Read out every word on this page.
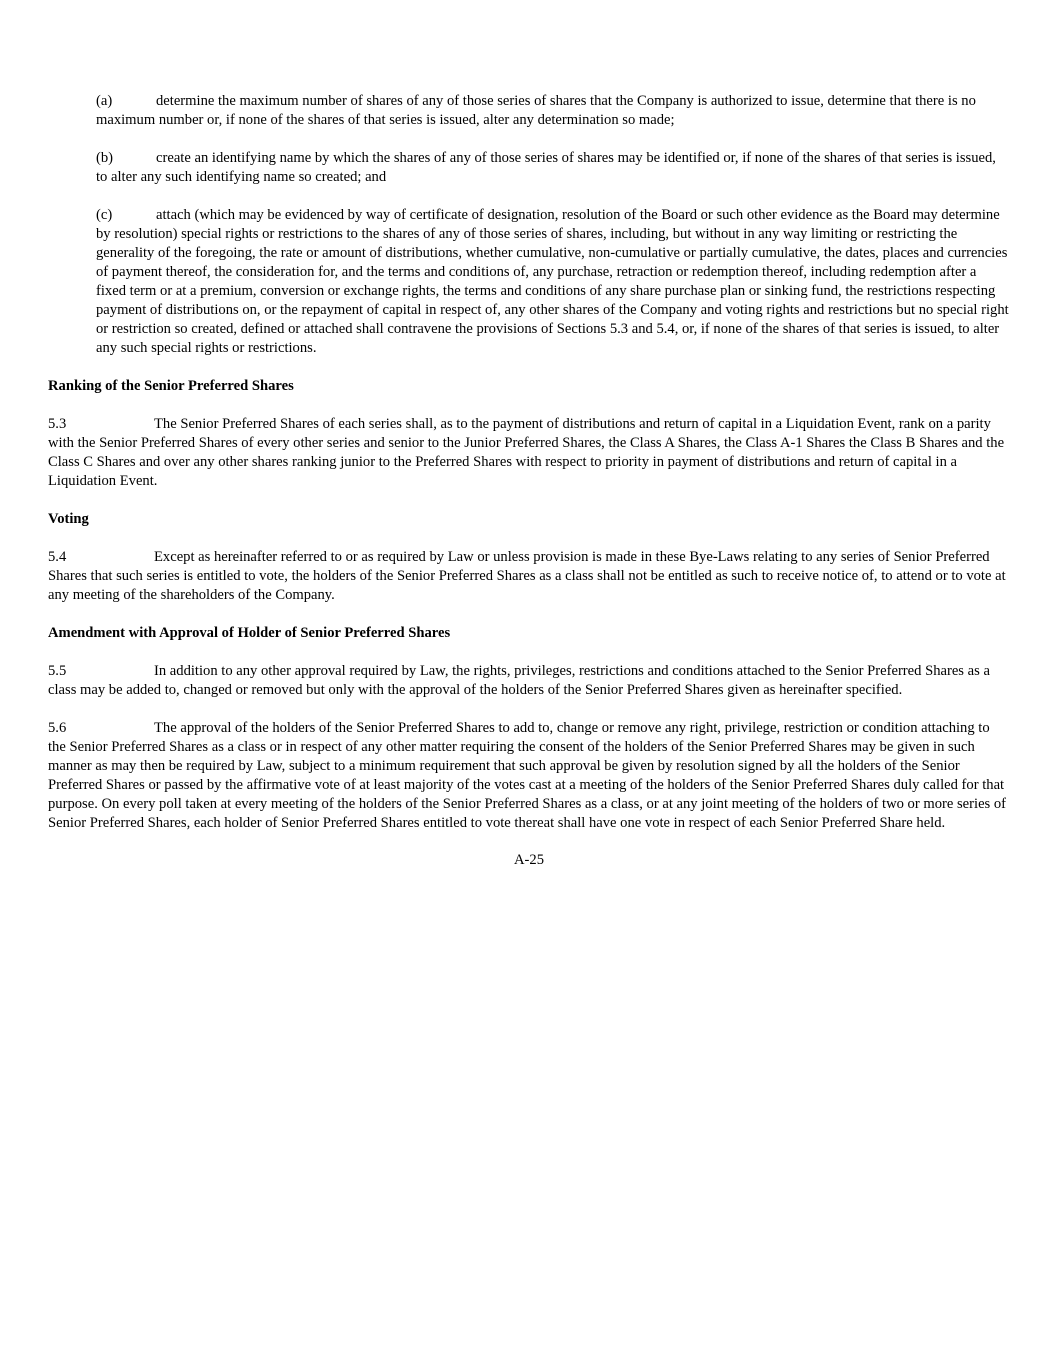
(a)	determine the maximum number of shares of any of those series of shares that the Company is authorized to issue, determine that there is no maximum number or, if none of the shares of that series is issued, alter any determination so made;
(b)	create an identifying name by which the shares of any of those series of shares may be identified or, if none of the shares of that series is issued, to alter any such identifying name so created; and
(c)	attach (which may be evidenced by way of certificate of designation, resolution of the Board or such other evidence as the Board may determine by resolution) special rights or restrictions to the shares of any of those series of shares, including, but without in any way limiting or restricting the generality of the foregoing, the rate or amount of distributions, whether cumulative, non-cumulative or partially cumulative, the dates, places and currencies of payment thereof, the consideration for, and the terms and conditions of, any purchase, retraction or redemption thereof, including redemption after a fixed term or at a premium, conversion or exchange rights, the terms and conditions of any share purchase plan or sinking fund, the restrictions respecting payment of distributions on, or the repayment of capital in respect of, any other shares of the Company and voting rights and restrictions but no special right or restriction so created, defined or attached shall contravene the provisions of Sections 5.3 and 5.4, or, if none of the shares of that series is issued, to alter any such special rights or restrictions.
Ranking of the Senior Preferred Shares
5.3	The Senior Preferred Shares of each series shall, as to the payment of distributions and return of capital in a Liquidation Event, rank on a parity with the Senior Preferred Shares of every other series and senior to the Junior Preferred Shares, the Class A Shares, the Class A-1 Shares the Class B Shares and the Class C Shares and over any other shares ranking junior to the Preferred Shares with respect to priority in payment of distributions and return of capital in a Liquidation Event.
Voting
5.4	Except as hereinafter referred to or as required by Law or unless provision is made in these Bye-Laws relating to any series of Senior Preferred Shares that such series is entitled to vote, the holders of the Senior Preferred Shares as a class shall not be entitled as such to receive notice of, to attend or to vote at any meeting of the shareholders of the Company.
Amendment with Approval of Holder of Senior Preferred Shares
5.5	In addition to any other approval required by Law, the rights, privileges, restrictions and conditions attached to the Senior Preferred Shares as a class may be added to, changed or removed but only with the approval of the holders of the Senior Preferred Shares given as hereinafter specified.
5.6	The approval of the holders of the Senior Preferred Shares to add to, change or remove any right, privilege, restriction or condition attaching to the Senior Preferred Shares as a class or in respect of any other matter requiring the consent of the holders of the Senior Preferred Shares may be given in such manner as may then be required by Law, subject to a minimum requirement that such approval be given by resolution signed by all the holders of the Senior Preferred Shares or passed by the affirmative vote of at least majority of the votes cast at a meeting of the holders of the Senior Preferred Shares duly called for that purpose. On every poll taken at every meeting of the holders of the Senior Preferred Shares as a class, or at any joint meeting of the holders of two or more series of Senior Preferred Shares, each holder of Senior Preferred Shares entitled to vote thereat shall have one vote in respect of each Senior Preferred Share held.
A-25
